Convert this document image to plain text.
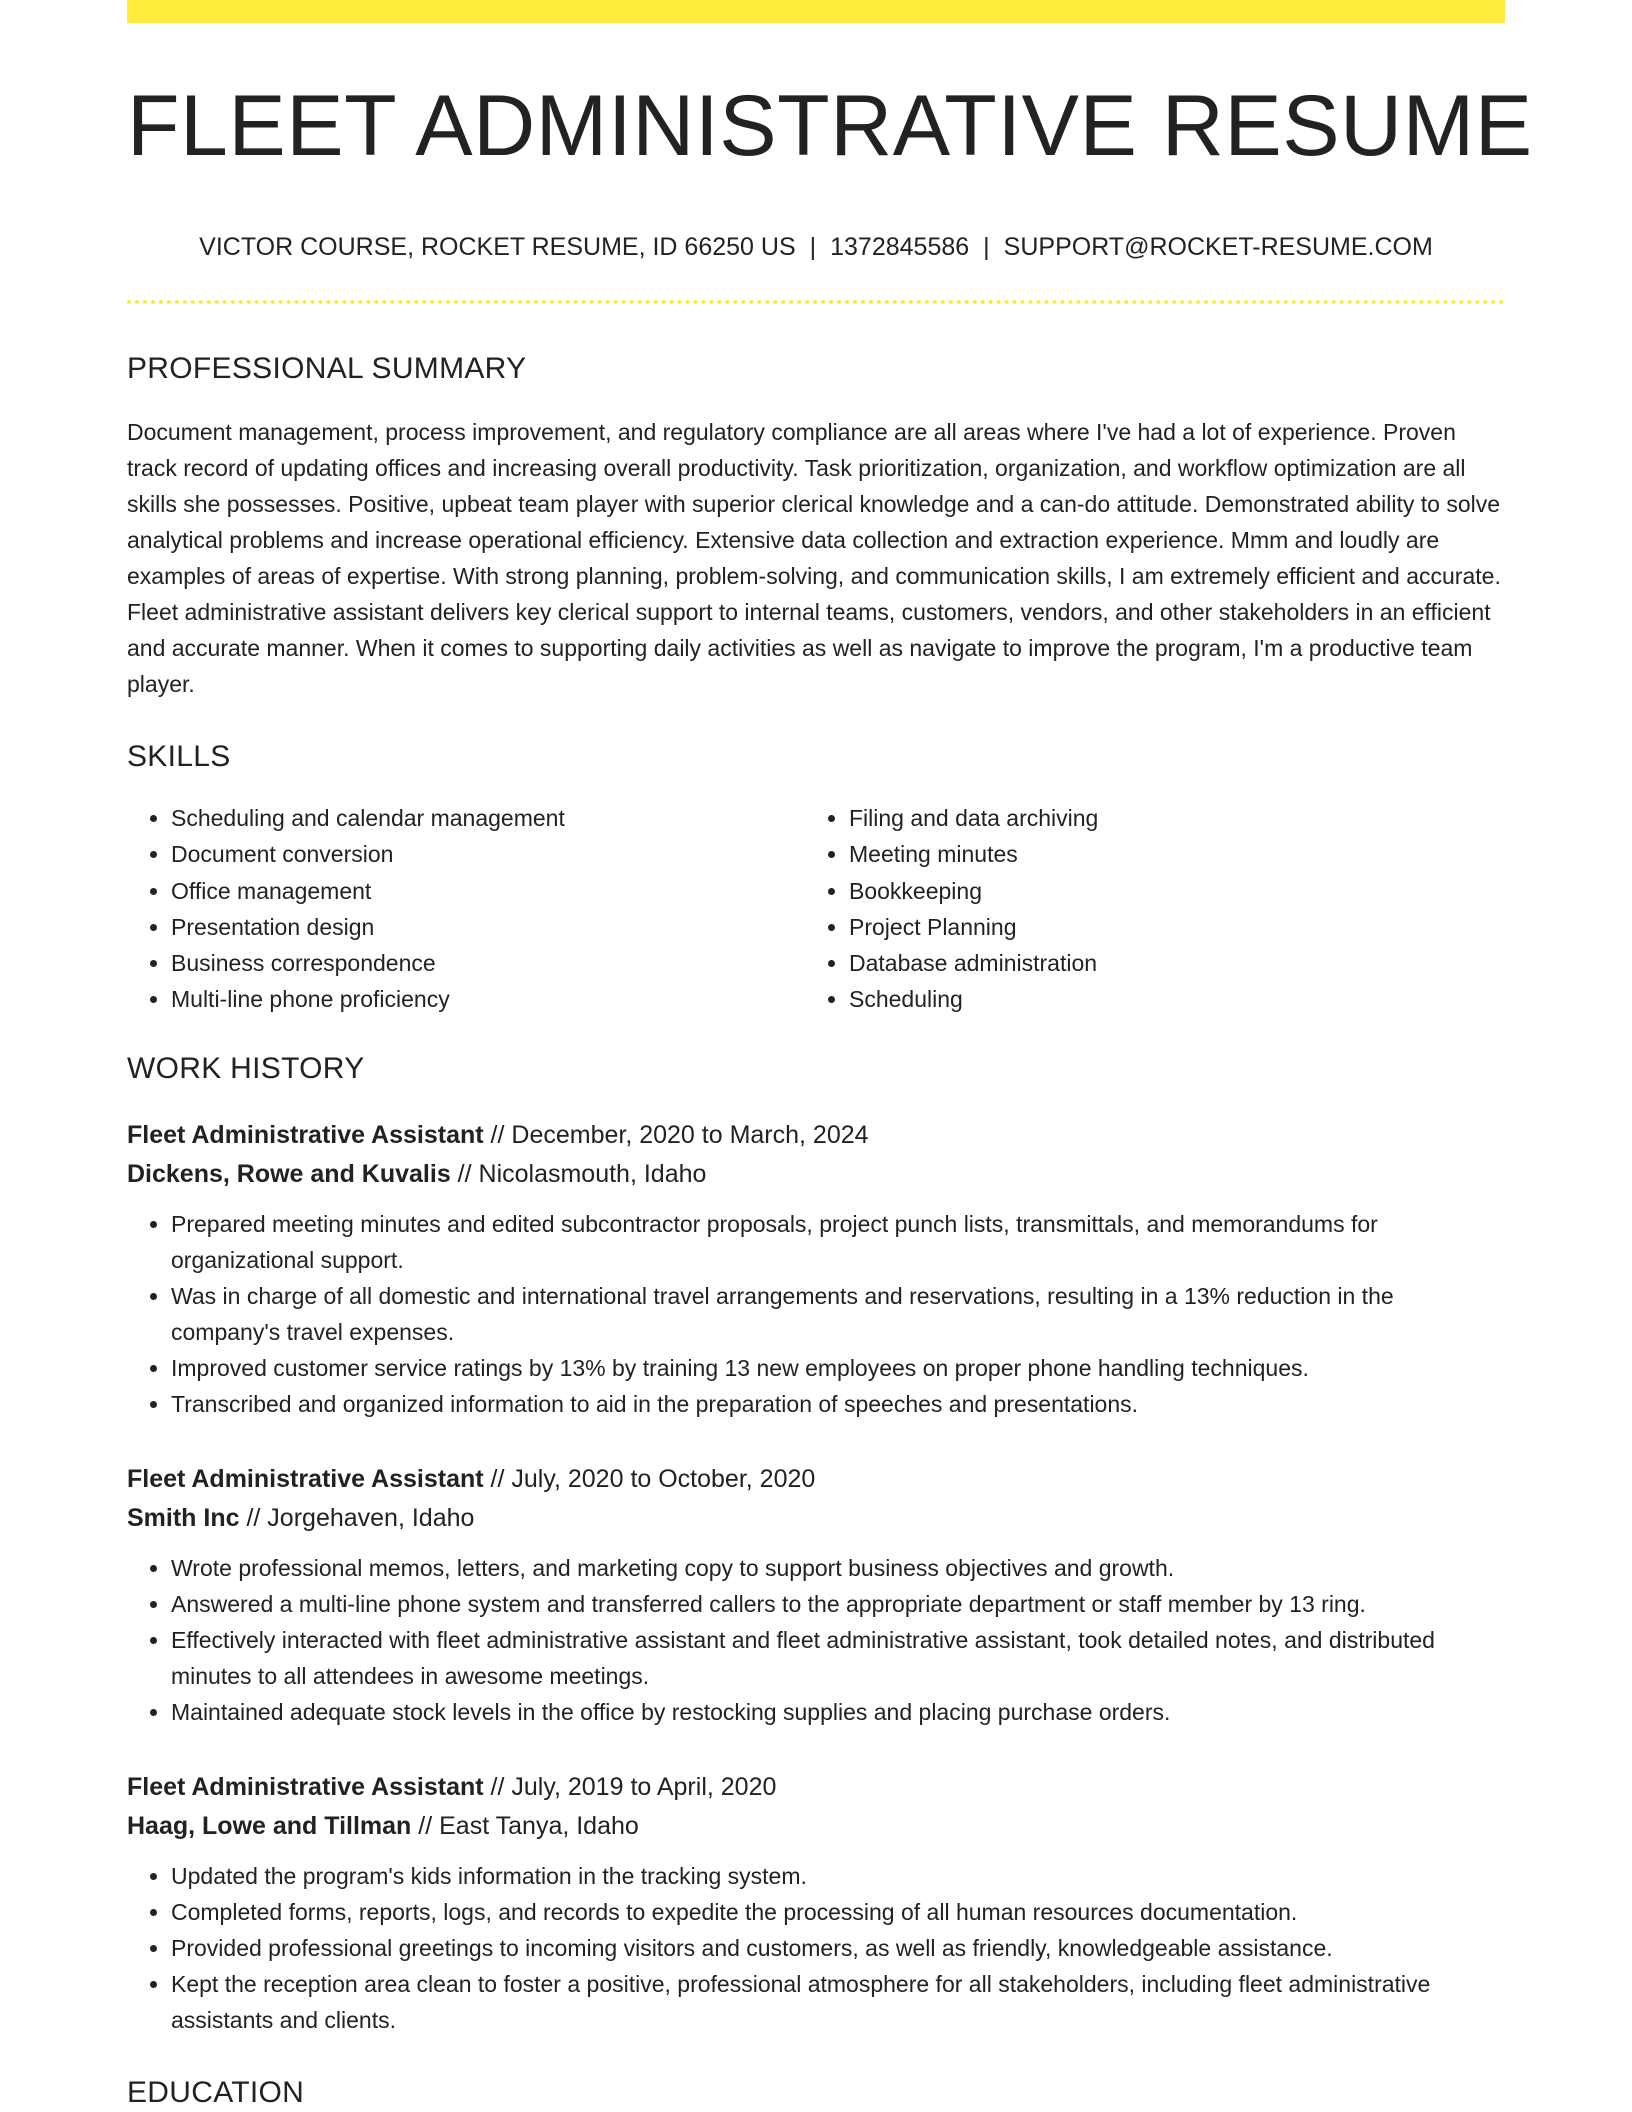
FLEET ADMINISTRATIVE RESUME
VICTOR COURSE, ROCKET RESUME, ID 66250 US | 1372845586 | SUPPORT@ROCKET-RESUME.COM
PROFESSIONAL SUMMARY

Document management, process improvement, and regulatory compliance are all areas where I've had a lot of experience. Proven track record of updating offices and increasing overall productivity. Task prioritization, organization, and workflow optimization are all skills she possesses. Positive, upbeat team player with superior clerical knowledge and a can-do attitude. Demonstrated ability to solve analytical problems and increase operational efficiency. Extensive data collection and extraction experience. Mmm and loudly are examples of areas of expertise. With strong planning, problem-solving, and communication skills, I am extremely efficient and accurate. Fleet administrative assistant delivers key clerical support to internal teams, customers, vendors, and other stakeholders in an efficient and accurate manner. When it comes to supporting daily activities as well as navigate to improve the program, I'm a productive team player.

SKILLS
• Scheduling and calendar management
• Document conversion
• Office management
• Presentation design
• Business correspondence
• Multi-line phone proficiency
• Filing and data archiving
• Meeting minutes
• Bookkeeping
• Project Planning
• Database administration
• Scheduling
WORK HISTORY
Fleet Administrative Assistant // December, 2020 to March, 2024
Dickens, Rowe and Kuvalis // Nicolasmouth, Idaho
• Prepared meeting minutes and edited subcontractor proposals, project punch lists, transmittals, and memorandums for organizational support.
• Was in charge of all domestic and international travel arrangements and reservations, resulting in a 13% reduction in the company's travel expenses.
• Improved customer service ratings by 13% by training 13 new employees on proper phone handling techniques.
• Transcribed and organized information to aid in the preparation of speeches and presentations.
Fleet Administrative Assistant // July, 2020 to October, 2020
Smith Inc // Jorgehaven, Idaho
• Wrote professional memos, letters, and marketing copy to support business objectives and growth.
• Answered a multi-line phone system and transferred callers to the appropriate department or staff member by 13 ring.
• Effectively interacted with fleet administrative assistant and fleet administrative assistant, took detailed notes, and distributed minutes to all attendees in awesome meetings.
• Maintained adequate stock levels in the office by restocking supplies and placing purchase orders.
Fleet Administrative Assistant // July, 2019 to April, 2020
Haag, Lowe and Tillman // East Tanya, Idaho
• Updated the program's kids information in the tracking system.
• Completed forms, reports, logs, and records to expedite the processing of all human resources documentation.
• Provided professional greetings to incoming visitors and customers, as well as friendly, knowledgeable assistance.
• Kept the reception area clean to foster a positive, professional atmosphere for all stakeholders, including fleet administrative assistants and clients.
EDUCATION
